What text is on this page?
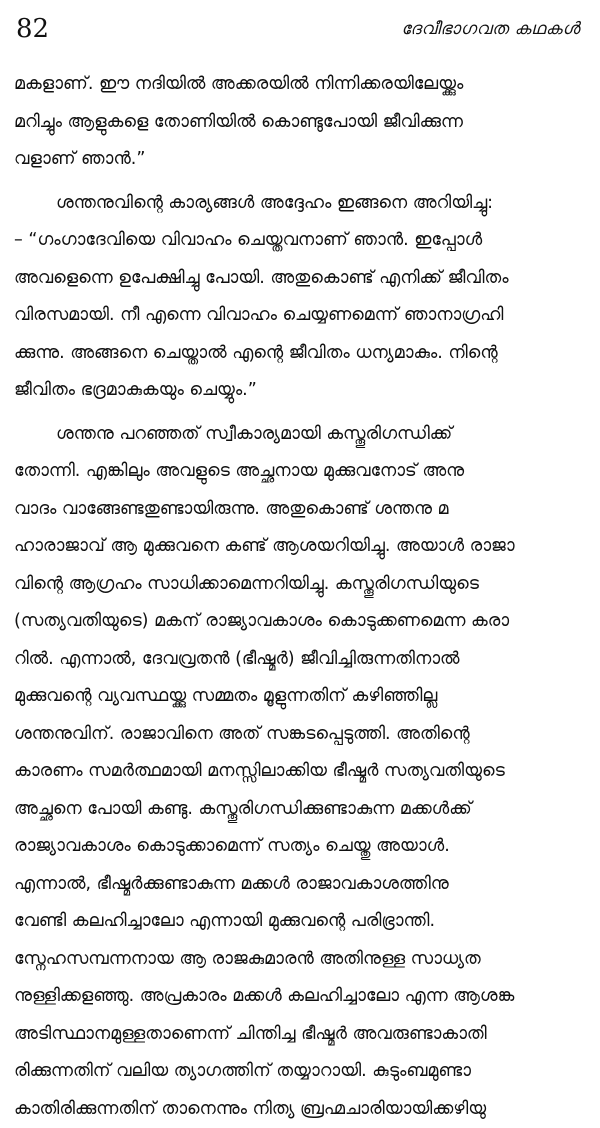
82	ദേവീഭാഗവത കഥകൾ

മകളാണ്. ഈ നദിയിൽ അക്കരയിൽ നിന്നിക്കരയിലേയ്ക്കും
മറിച്ചും ആളുകളെ തോണിയിൽ കൊണ്ടുപോയി ജീവിക്കുന്ന
വളാണ് ഞാൻ.”

ശന്തനുവിന്റെ കാര്യങ്ങൾ അദ്ദേഹം ഇങ്ങനെ അറിയിച്ചു:
– “ഗംഗാദേവിയെ വിവാഹം ചെയ്തവനാണ് ഞാൻ. ഇപ്പോൾ
അവളെന്നെ ഉപേക്ഷിച്ചു പോയി. അതുകൊണ്ട് എനിക്ക് ജീവിതം
വിരസമായി. നീ എന്നെ വിവാഹം ചെയ്യണമെന്ന് ഞാനാഗ്രഹി
ക്കുന്നു. അങ്ങനെ ചെയ്താൽ എന്റെ ജീവിതം ധന്യമാകും. നിന്റെ
ജീവിതം ഭദ്രമാകുകയും ചെയ്യും.”

ശന്തനു പറഞ്ഞത് സ്വീകാര്യമായി കസ്തൂരിഗന്ധിക്ക്
തോന്നി. എങ്കിലും അവളുടെ അച്ഛനായ മുക്കുവനോട് അനു
വാദം വാങ്ങേണ്ടതുണ്ടായിരുന്നു. അതുകൊണ്ട് ശന്തനു മ
ഹാരാജാവ് ആ മുക്കുവനെ കണ്ട് ആശയറിയിച്ചു. അയാൾ രാജാ
വിന്റെ ആഗ്രഹം സാധിക്കാമെന്നറിയിച്ചു. കസ്തൂരിഗന്ധിയുടെ
(സത്യവതിയുടെ) മകന് രാജ്യാവകാശം കൊടുക്കണമെന്ന കരാ
റിൽ. എന്നാൽ, ദേവവ്രതൻ (ഭീഷ്മർ) ജീവിച്ചിരുന്നതിനാൽ
മുക്കുവന്റെ വ്യവസ്ഥയ്ക്കു സമ്മതം മൂളുന്നതിന് കഴിഞ്ഞില്ല
ശന്തനുവിന്. രാജാവിനെ അത് സങ്കടപ്പെടുത്തി. അതിന്റെ
കാരണം സമർത്ഥമായി മനസ്സിലാക്കിയ ഭീഷ്മർ സത്യവതിയുടെ
അച്ഛനെ പോയി കണ്ടു. കസ്തൂരിഗന്ധിക്കുണ്ടാകുന്ന മക്കൾക്ക്
രാജ്യാവകാശം കൊടുക്കാമെന്ന് സത്യം ചെയ്തു അയാൾ.
എന്നാൽ, ഭീഷ്മർക്കുണ്ടാകുന്ന മക്കൾ രാജാവകാശത്തിനു
വേണ്ടി കലഹിച്ചാലോ എന്നായി മുക്കുവന്റെ പരിഭ്രാന്തി.
സ്നേഹസമ്പന്നനായ ആ രാജകുമാരൻ അതിനുള്ള സാധ്യത
നുള്ളിക്കളഞ്ഞു. അപ്രകാരം മക്കൾ കലഹിച്ചാലോ എന്ന ആശങ്ക
അടിസ്ഥാനമുള്ളതാണെന്ന് ചിന്തിച്ച ഭീഷ്മർ അവരുണ്ടാകാതി
രിക്കുന്നതിന് വലിയ ത്യാഗത്തിന് തയ്യാറായി. കുടുംബമുണ്ടാ
കാതിരിക്കുന്നതിന് താനെന്നും നിത്യ ബ്രഹ്മചാരിയായിക്കഴിയു
